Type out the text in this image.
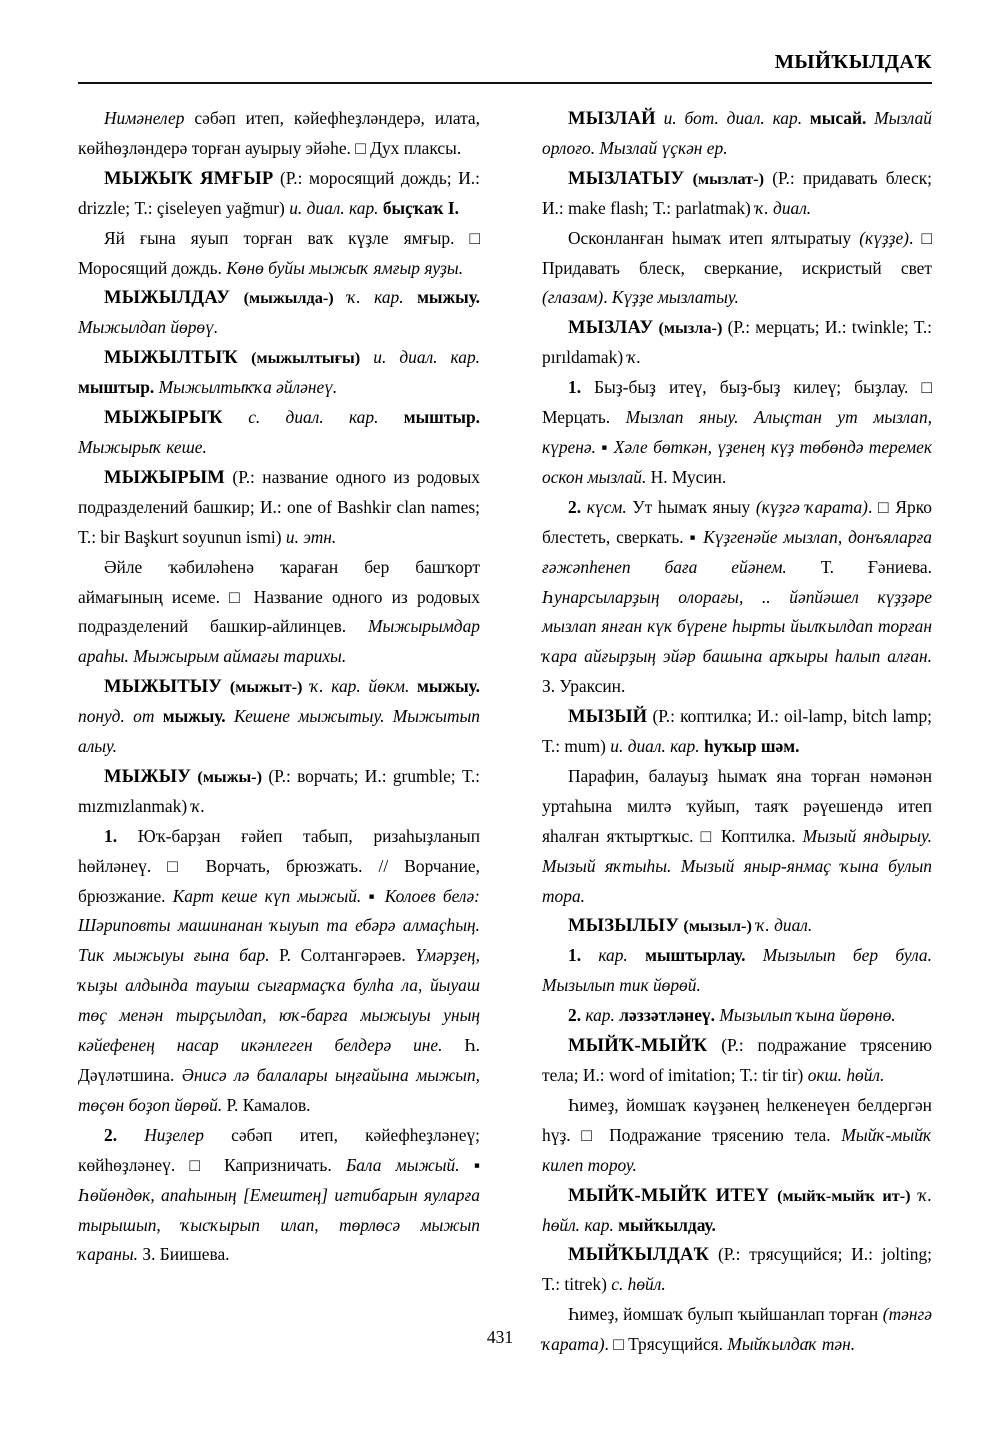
МЫЙҠЫЛДАҠ

Нимәнелер сәбәп итеп, кәйефһеҙләндерә, илата, көйһөҙләндерә торған ауырыу эйәһе. □ Дух плаксы.

МЫЖЫҠ ЯМҒЫР (Р.: моросящий дождь; И.: drizzle; Т.: çiseleyen yağmur) и. диал. кар. быҫҡаҡ I.

Яй ғына яуып торған ваҡ күҙле ямғыр. □ Моросящий дождь. Көнө буйы мыжыҡ ямғыр яуҙы.

МЫЖЫЛДАУ (мыжылда-) ҡ. кар. мыжыу. Мыжылдап йөрөү.

МЫЖЫЛТЫҠ (мыжылтығы) и. диал. кар. мыштыр. Мыжылтыҡҡа әйләнеү.

МЫЖЫРЫҠ с. диал. кар. мыштыр. Мыжырыҡ кеше.

МЫЖЫРЫМ (Р.: название одного из родовых подразделений башкир; И.: one of Bashkir clan names; Т.: bir Başkurt soyunun ismi) и. этн.

Әйле ҡәбиләһенә ҡараған бер башҡорт аймағының исеме. □ Название одного из родовых подразделений башкир-айлинцев. Мыжырымдар араһы. Мыжырым аймағы тарихы.

МЫЖЫТЫУ (мыжыт-) ҡ. кар. йөкм. мыжыу. понуд. от мыжыу. Кешене мыжытыу. Мыжытып алыу.

МЫЖЫУ (мыжы-) (Р.: ворчать; И.: grumble; Т.: mızmızlanmak) ҡ.

1. Юҡ-барҙан ғәйеп табып, ризаһыҙланып һөйләнеү. □ Ворчать, брюзжать. // Ворчание, брюзжание. Карт кеше күп мыжый. ▪ Колоев белә: Шәриповты машинанан ҡыуып та ебәрә алмаҫһың. Тик мыжыуы ғына бар. Р. Солтангәрәев. Үмәрҙең, ҡыҙы алдында тауыш сығармаҫҡа булһа ла, йыуаш төҫ менән тырҫылдап, юҡ-барға мыжыуы уның кәйефенең насар икәнлеген белдерә ине. Һ. Дәүләтшина. Әнисә лә балалары ыңғайына мыжып, төҫөн боҙоп йөрөй. Р. Камалов.

2. Ниҙелер сәбәп итеп, кәйефһеҙләнеү; көйһөҙләнеү. □ Капризничать. Бала мыжый. ▪ Һөйөндөк, апаһының [Емештең] иғтибарын яуларға тырышып, ҡысҡырып илап, төрлөсә мыжып ҡараны. З. Биишева.

МЫЗЛАЙ и. бот. диал. кар. мысай. Мызлай орлоғо. Мызлай үçкән ер.

МЫЗЛАТЫУ (мызлат-) (Р.: придавать блеск; И.: make flash; Т.: parlatmak) ҡ. диал.

Осконланған һымаҡ итеп ялтыратыу (күҙҙе). □ Придавать блеск, сверкание, искристый свет (глазам). Күҙҙе мызлатыу.

МЫЗЛАУ (мызла-) (Р.: мерцать; И.: twinkle; Т.: pırıldamak) ҡ.

1. Быҙ-быҙ итеү, быҙ-быҙ килеү; быҙлау. □ Мерцать. Мызлап яныу. Алыҫтан ут мызлап, күренә. ▪ Хәле бөткән, үҙенең күҙ төбөндә теремек оскон мызлай. Н. Мусин.

2. күсм. Ут һымаҡ яныу (күҙгә ҡарата). □ Ярко блестеть, сверкать. ▪ Күҙгенәйе мызлап, донъяларға ғәжәпһенеп баға ейәнем. Т. Ғәниева. Һунарсыларҙың олорағы, .. йәпйәшел күҙҙәре мызлап янған күк бүрене һырты йылҡылдап торған ҡара айғырҙың эйәр башына арҡыры һалып алған. З. Ураксин.

МЫЗЫЙ (Р.: коптилка; И.: oil-lamp, bitch lamp; Т.: mum) и. диал. кар. һуҡыр шәм.

Парафин, балауыҙ һымаҡ яна торған нәмәнән уртаһына милтә ҡуйып, таяҡ рәүешендә итеп яһалған яҡтыртҡыс. □ Коптилка. Мызый яндырыу. Мызый яҡтыһы. Мызый яныр-янмаҫ ҡына булып тора.

МЫЗЫЛЫУ (мызыл-) ҡ. диал.

1. кар. мыштырлау. Мызылып бер була. Мызылып тик йөрөй.

2. кар. ләззәтләнеү. Мызылып ҡына йөрөнө.

МЫЙҠ-МЫЙҠ (Р.: подражание трясению тела; И.: word of imitation; Т.: tir tir) окш. һөйл.

Һимеҙ, йомшаҡ кәүҙәнең һелкенеүен белдергән һүҙ. □ Подражание трясению тела. Мыйҡ-мыйҡ килеп тороу.

МЫЙҠ-МЫЙҠ ИТЕҮ (мыйҡ-мыйҡ ит-) ҡ. һөйл. кар. мыйҡылдау.

МЫЙҠЫЛДАҠ (Р.: трясущийся; И.: jolting; Т.: titrek) с. һөйл.

Һимеҙ, йомшаҡ булып ҡыйшанлап торған (тәнгә ҡарата). □ Трясущийся. Мыйҡылдаҡ тән.

431
